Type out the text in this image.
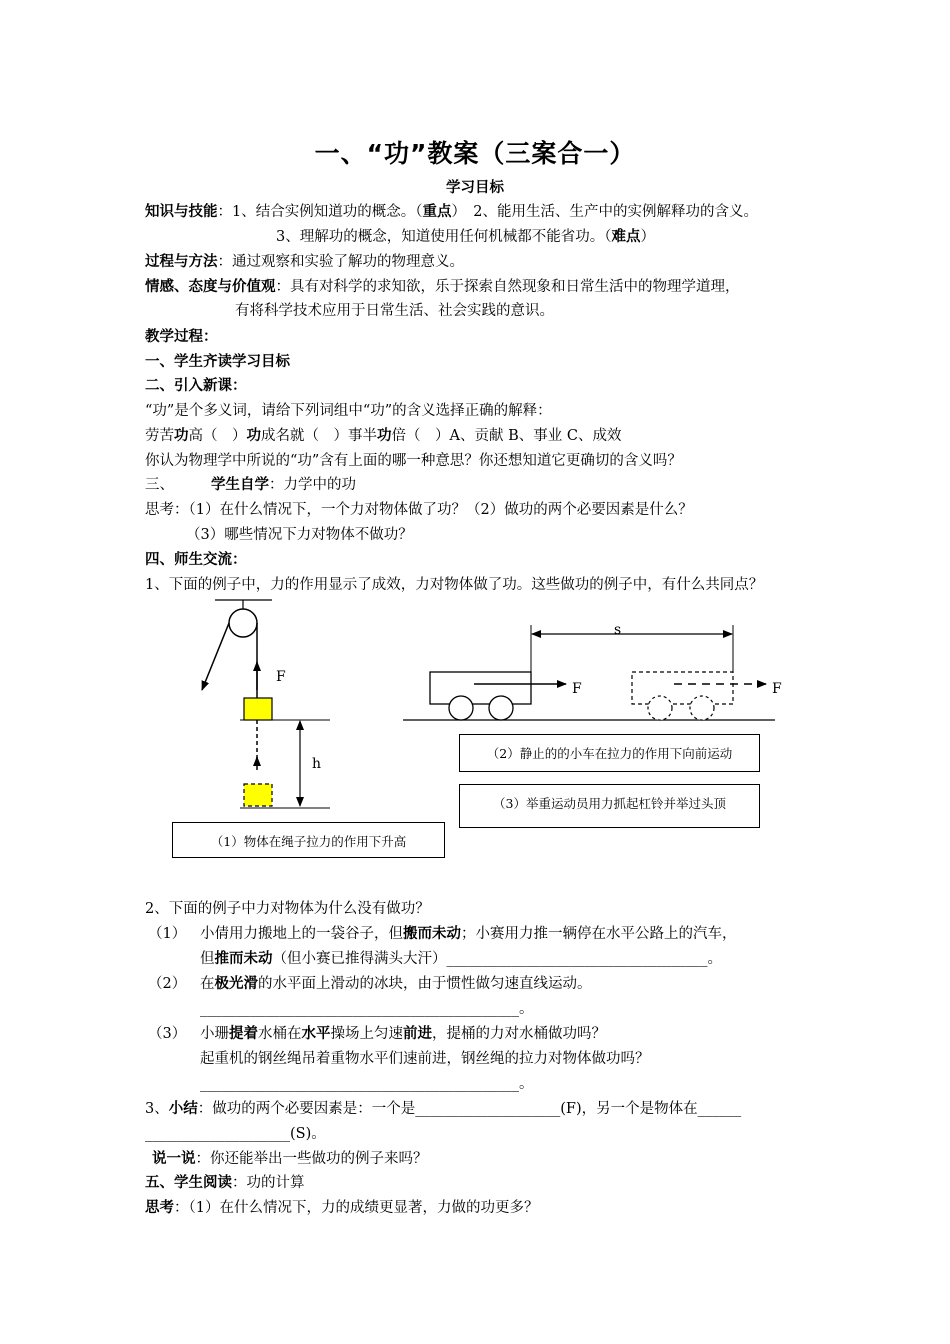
一、“功”教案（三案合一）
学习目标
知识与技能：1、结合实例知道功的概念。（重点）　2、能用生活、生产中的实例解释功的含义。
3、理解功的概念，知道使用任何机械都不能省功。（难点）
过程与方法：通过观察和实验了解功的物理意义。
情感、态度与价值观：具有对科学的求知欲，乐于探索自然现象和日常生活中的物理学道理，
有将科学技术应用于日常生活、社会实践的意识。
教学过程：
一、学生齐读学习目标
二、引入新课：
“功”是个多义词，请给下列词组中“功”的含义选择正确的解释：
劳苦功高（　）功成名就（　）事半功倍（　）A、贡献 B、事业 C、成效
你认为物理学中所说的“功”含有上面的哪一种意思？你还想知道它更确切的含义吗？
三、	学生自学：力学中的功
思考：（1）在什么情况下，一个力对物体做了功？（2）做功的两个必要因素是什么？
（3）哪些情况下力对物体不做功？
四、师生交流：
1、下面的例子中，力的作用显示了成效，力对物体做了功。这些做功的例子中，有什么共同点？
F
h
s
F	F
（2）静止的的小车在拉力的作用下向前运动
（3）举重运动员用力抓起杠铃并举过头顶
（1）物体在绳子拉力的作用下升高
2、下面的例子中力对物体为什么没有做功？
（1） 小倩用力搬地上的一袋谷子，但搬而未动；小赛用力推一辆停在水平公路上的汽车，
但推而未动（但小赛已推得满头大汗）____________________________________。
（2） 在极光滑的水平面上滑动的冰块，由于惯性做匀速直线运动。
____________________________________________。
（3） 小珊提着水桶在水平操场上匀速前进，提桶的力对水桶做功吗？
起重机的钢丝绳吊着重物水平们速前进，钢丝绳的拉力对物体做功吗？
____________________________________________。
3、小结：做功的两个必要因素是：一个是____________________(F)，另一个是物体在______
____________________(S)。
说一说：你还能举出一些做功的例子来吗？
五、学生阅读：功的计算
思考：（1）在什么情况下，力的成绩更显著，力做的功更多？
